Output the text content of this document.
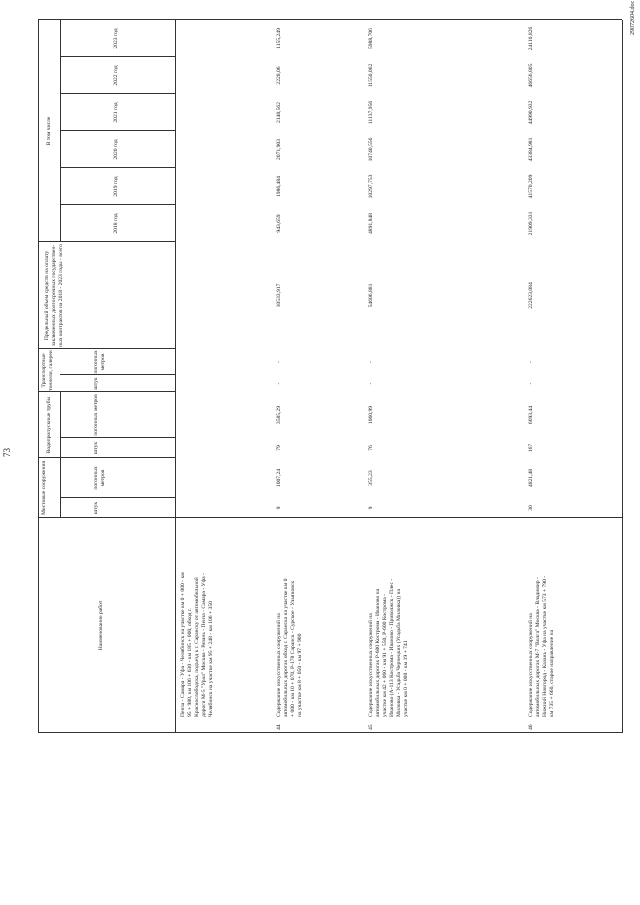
73
Наименование работ
Мостовые сооружения
Водопропускные трубы
Транспортные тоннели, галереи
Предельный объем средств на оплату заключенных долгосрочных государствен-ных контрактов на 2018 - 2023 годы - всего
В том числе
штук
погонных метров
штук
погонных метров
штук
погонных метров
2018 год
2019 год
2020 год
2021 год
2022 год
2023 год
Пенза - Самара - Уфа - Челябинск на участке км 0 + 000 - км 95 + 980, км 106 + 630 - км 185 + 000, обход г. Краснослободска, подъезд к г. Саранску от автомобильной дороги М-5 "Урал" Москва - Рязань - Пенза - Самара - Уфа - Челябинск на участке км 95 + 248 - км 106 + 350
44
Содержание искусственных сооружений на автомобильных дорогах обход г. Саранска на участке км 0 + 000 - км 10 + 070, Р-178 Саранск - Сурское - Ульяновск на участке км 8 + 050 - км 97 + 900
9
1007,24
79
3585,29
-
-
10533,917
943,659
1986,484
2071,903
2148,562
2228,06
1155,249
45
Содержание искусственных сооружений на автомобильных дорогах Р-600 Кострома - Иваново на участке км 42 + 060 - км 91 + 550, Р-600 Кострома - Иваново (А-113 Кострома - Иваново - Приволжск - Плес - Миловка - Усадьба Чернецких (Усадьба Миловка)) на участке км 0 + 000 - км 19 + 741
9
355,23
76
1060,99
-
-
54606,881
4891,848
10297,753
10740,556
11137,956
11550,062
5988,706
46
Содержание искусственных сооружений на автомобильных дорогах М-7 "Волга" Москва - Владимир - Нижний Новгород - Казань - Уфа на участке км 573 + 790 - км 735 + 660, старое направление на
30
4821,48
167
6693,44
-
-
222623,084
21909,331
41570,209
43384,981
44990,932
46656,805
24110,826
29072604.doc
